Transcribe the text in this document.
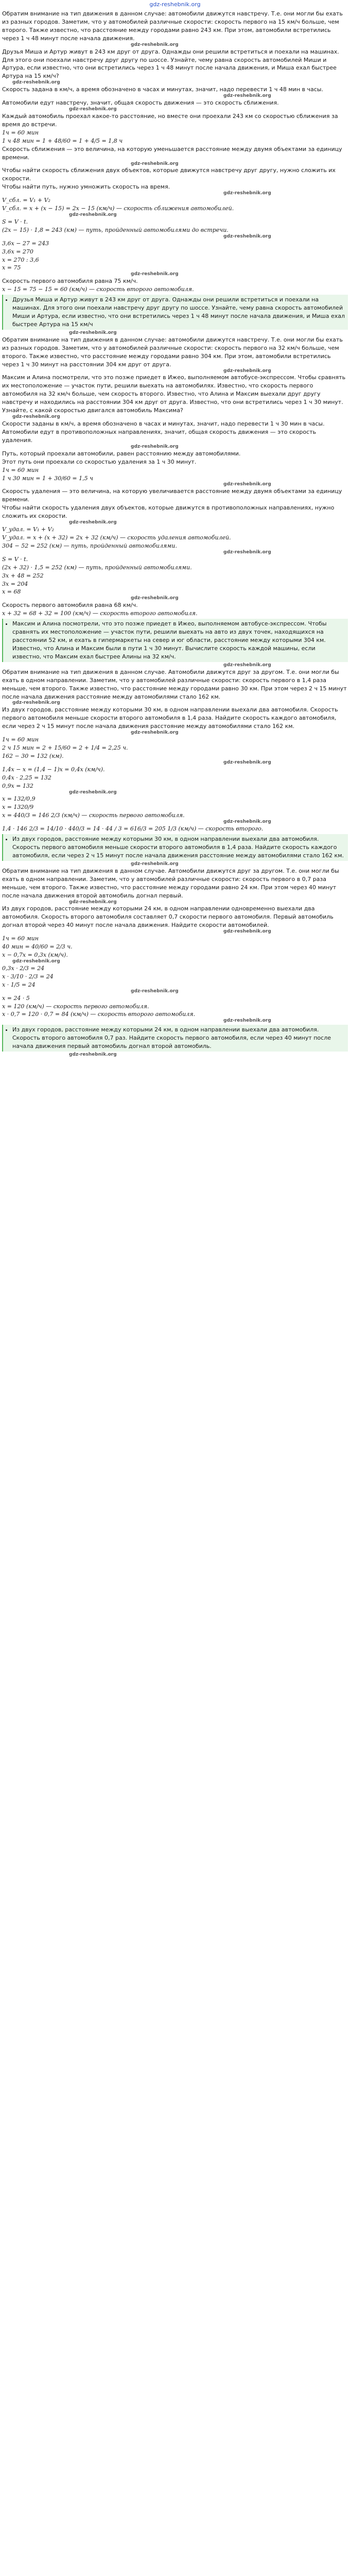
gdz-reshebnik.org

Обратим внимание на тип движения в данном случае: автомобили движутся навстречу. Т.е. они могли бы ехать из разных городов. Заметим, что у автомобилей различные скорости: скорость первого на 15 км/ч больше, чем второго. Также известно, что расстояние между городами равно 243 км. При этом, автомобили встретились через 1 ч 48 минут после начала движения.

gdz-reshebnik.org

Друзья Миша и Артур живут в 243 км друг от друга. Однажды они решили встретиться и поехали на машинах. Для этого они поехали навстречу друг другу по шоссе. Узнайте, чему равна скорость автомобилей Миши и Артура, если известно, что они встретились через 1 ч 48 минут после начала движения, и Миша ехал быстрее Артура на 15 км/ч?

gdz-reshebnik.org

Скорость задана в км/ч, а время обозначено в часах и минутах, значит, надо перевести 1 ч 48 мин в часы.

gdz-reshebnik.org

Автомобили едут навстречу, значит, общая скорость движения — это скорость сближения.

gdz-reshebnik.org

Каждый автомобиль проехал какое-то расстояние, но вместе они проехали 243 км со скоростью сближения за время до встречи.

1ч = 60 мин

1 ч 48 мин = 1 + 48/60 = 1 + 4/5 = 1,8 ч

Скорость сближения — это величина, на которую уменьшается расстояние между двумя объектами за единицу времени.

gdz-reshebnik.org

Чтобы найти скорость сближения двух объектов, которые движутся навстречу друг другу, нужно сложить их скорости.

Чтобы найти путь, нужно умножить скорость на время.

gdz-reshebnik.org

V_сбл. = V₁ + V₂

V_сбл. = x + (x − 15) = 2x − 15 (км/ч) — скорость сближения автомобилей.

gdz-reshebnik.org

S = V · t.

(2x − 15) · 1,8 = 243 (км) — путь, пройденный автомобилями до встречи.

gdz-reshebnik.org

3,6x − 27 = 243

3,6x = 270

x = 270 : 3,6

x = 75

gdz-reshebnik.org

Скорость первого автомобиля равна 75 км/ч.

x − 15 = 75 − 15 = 60 (км/ч) — скорость второго автомобиля.

• Друзья Миша и Артур живут в 243 км друг от друга. Однажды они решили встретиться и поехали на машинах. Для этого они поехали навстречу друг другу по шоссе. Узнайте, чему равна скорость автомобилей Миши и Артура, если известно, что они встретились через 1 ч 48 минут после начала движения, и Миша ехал быстрее Артура на 15 км/ч
gdz-reshebnik.org

Обратим внимание на тип движения в данном случае: автомобили движутся навстречу. Т.е. они могли бы ехать из разных городов. Заметим, что у автомобилей различные скорости: скорость первого на 32 км/ч больше, чем второго. Также известно, что расстояние между городами равно 304 км. При этом, автомобили встретились через 1 ч 30 минут на расстоянии 304 км друг от друга.

gdz-reshebnik.org

Максим и Алина посмотрели, что это позже приедет в Ижео, выполняемом автобусе-экспрессом. Чтобы сравнять их местоположение — участок пути, решили выехать на автомобилях. Известно, что скорость первого автомобиля на 32 км/ч больше, чем скорость второго. Известно, что Алина и Максим выехали друг другу навстречу и находились на расстоянии 304 км друг от друга. Известно, что они встретились через 1 ч 30 минут. Узнайте, с какой скоростью двигался автомобиль Максима?

gdz-reshebnik.org

Скорости заданы в км/ч, а время обозначено в часах и минутах, значит, надо перевести 1 ч 30 мин в часы.

Автомобили едут в противоположных направлениях, значит, общая скорость движения — это скорость удаления.

gdz-reshebnik.org

Путь, который проехали автомобили, равен расстоянию между автомобилями.

Этот путь они проехали со скоростью удаления за 1 ч 30 минут.

1ч = 60 мин

1 ч 30 мин = 1 + 30/60 = 1,5 ч

gdz-reshebnik.org

Скорость удаления — это величина, на которую увеличивается расстояние между двумя объектами за единицу времени.

Чтобы найти скорость удаления двух объектов, которые движутся в противоположных направлениях, нужно сложить их скорости.

gdz-reshebnik.org

V_удал. = V₁ + V₂

V_удал. = x + (x + 32) = 2x + 32 (км/ч) — скорость удаления автомобилей.

304 − 52 = 252 (км) — путь, пройденный автомобилями.

gdz-reshebnik.org

S = V · t.

(2x + 32) · 1,5 = 252 (км) — путь, пройденный автомобилями.

3x + 48 = 252

3x = 204

x = 68

gdz-reshebnik.org

Скорость первого автомобиля равна 68 км/ч.

x + 32 = 68 + 32 = 100 (км/ч) — скорость второго автомобиля.

• Максим и Алина посмотрели, что это позже приедет в Ижео, выполняемом автобусе-экспрессом. Чтобы сравнять их местоположение — участок пути, решили выехать на авто из двух точек, находящихся на расстоянии 52 км, и ехать в гипермаркеты на север и юг области, расстояние между которыми 304 км. Известно, что Алина и Максим были в пути 1 ч 30 минут. Вычислите скорость каждой машины, если известно, что Максим ехал быстрее Алины на 32 км/ч.
gdz-reshebnik.org

Обратим внимание на тип движения в данном случае. Автомобили движутся друг за другом. Т.е. они могли бы ехать в одном направлении. Заметим, что у автомобилей различные скорости: скорость первого в 1,4 раза меньше, чем второго. Также известно, что расстояние между городами равно 30 км. При этом через 2 ч 15 минут после начала движения расстояние между автомобилями стало 162 км.

gdz-reshebnik.org

Из двух городов, расстояние между которыми 30 км, в одном направлении выехали два автомобиля. Скорость первого автомобиля меньше скорости второго автомобиля в 1,4 раза. Найдите скорость каждого автомобиля, если через 2 ч 15 минут после начала движения расстояние между автомобилями стало 162 км.

gdz-reshebnik.org

1ч = 60 мин

2 ч 15 мин = 2 + 15/60 = 2 + 1/4 = 2,25 ч.

162 − 30 = 132 (км).

gdz-reshebnik.org

1,4x − x = (1,4 − 1)x = 0,4x (км/ч).

0,4x · 2,25 = 132

0,9x = 132

gdz-reshebnik.org

x = 132/0,9

x = 1320/9

x = 440/3 = 146 2/3 (км/ч) — скорость первого автомобиля.

gdz-reshebnik.org

1,4 · 146 2/3 = 14/10 · 440/3 = 14 · 44 / 3 = 616/3 = 205 1/3 (км/ч) — скорость второго.

• Из двух городов, расстояние между которыми 30 км, в одном направлении выехали два автомобиля. Скорость первого автомобиля меньше скорости второго автомобиля в 1,4 раза. Найдите скорость каждого автомобиля, если через 2 ч 15 минут после начала движения расстояние между автомобилями стало 162 км.
gdz-reshebnik.org

Обратим внимание на тип движения в данном случае. Автомобили движутся друг за другом. Т.е. они могли бы ехать в одном направлении. Заметим, что у автомобилей различные скорости: скорость первого в 0,7 раза меньше, чем второго. Также известно, что расстояние между городами равно 24 км. При этом через 40 минут после начала движения второй автомобиль догнал первый.

gdz-reshebnik.org

Из двух городов, расстояние между которыми 24 км, в одном направлении одновременно выехали два автомобиля. Скорость второго автомобиля составляет 0,7 скорости первого автомобиля. Первый автомобиль догнал второй через 40 минут после начала движения. Найдите скорости автомобилей.

gdz-reshebnik.org

1ч = 60 мин

40 мин = 40/60 = 2/3 ч.

x − 0,7x = 0,3x (км/ч).

gdz-reshebnik.org

0,3x · 2/3 = 24

x · 3/10 · 2/3 = 24

x · 1/5 = 24

gdz-reshebnik.org

x = 24 · 5

x = 120 (км/ч) — скорость первого автомобиля.

x · 0,7 = 120 · 0,7 = 84 (км/ч) — скорость второго автомобиля.

gdz-reshebnik.org
• Из двух городов, расстояние между которыми 24 км, в одном направлении выехали два автомобиля. Скорость второго автомобиля 0,7 раз. Найдите скорость первого автомобиля, если через 40 минут после начала движения первый автомобиль догнал второй автомобиль.
gdz-reshebnik.org
